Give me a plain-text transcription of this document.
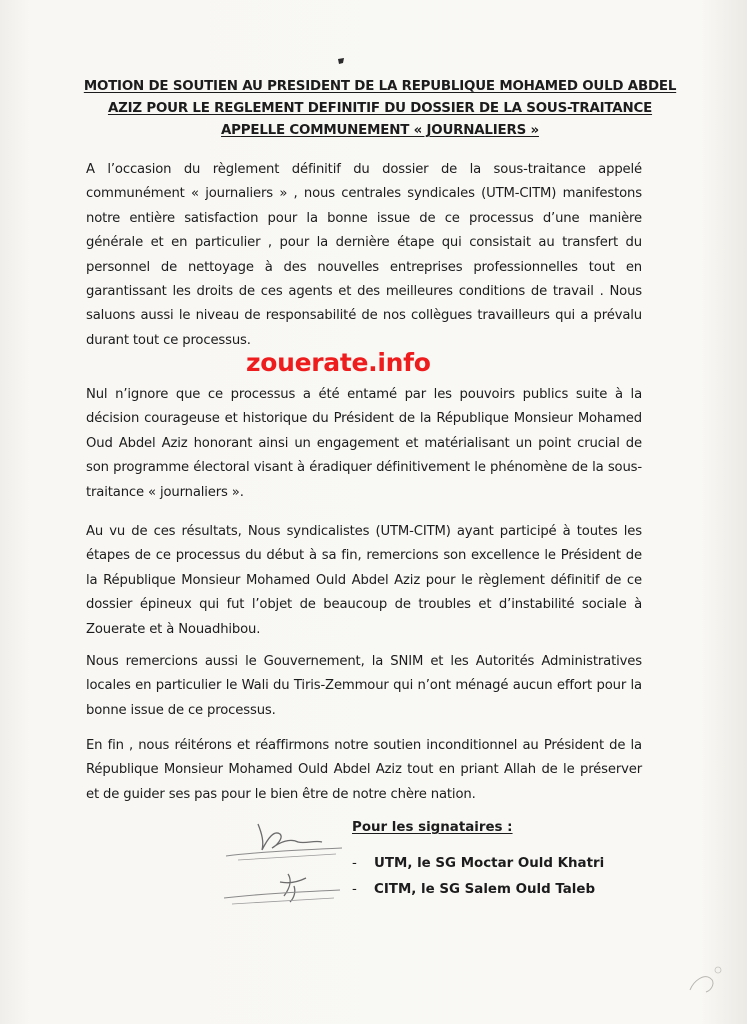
MOTION DE SOUTIEN AU PRESIDENT DE LA REPUBLIQUE MOHAMED OULD ABDEL AZIZ POUR LE REGLEMENT DEFINITIF DU DOSSIER DE LA SOUS-TRAITANCE APPELLE COMMUNEMENT « JOURNALIERS »
A l’occasion du règlement définitif du dossier de la sous-traitance appelé communément « journaliers » , nous centrales syndicales (UTM-CITM) manifestons notre entière satisfaction pour la bonne issue de ce processus d’une manière générale et en particulier , pour la dernière étape qui consistait au transfert du personnel de nettoyage à des nouvelles entreprises professionnelles tout en garantissant les droits de ces agents et des meilleures conditions de travail . Nous saluons aussi le niveau de responsabilité de nos collègues travailleurs qui a prévalu durant tout ce processus.
Nul n’ignore que ce processus a été entamé par les pouvoirs publics suite à la décision courageuse et historique du Président de la République Monsieur Mohamed Oud Abdel Aziz honorant ainsi un engagement et matérialisant un point crucial de son programme électoral visant à éradiquer définitivement le phénomène de la sous-traitance « journaliers ».
Au vu de ces résultats, Nous syndicalistes (UTM-CITM) ayant participé à toutes les étapes de ce processus du début à sa fin, remercions son excellence le Président de la République Monsieur Mohamed Ould Abdel Aziz pour le règlement définitif de ce dossier épineux qui fut l’objet de beaucoup de troubles et d’instabilité sociale à Zouerate et à Nouadhibou.
Nous remercions aussi le Gouvernement, la SNIM et les Autorités Administratives locales en particulier le Wali du Tiris-Zemmour qui n’ont ménagé aucun effort pour la bonne issue de ce processus.
En fin , nous réitérons et réaffirmons notre soutien inconditionnel au Président de la République Monsieur Mohamed Ould Abdel Aziz tout en priant Allah de le préserver et de guider ses pas pour le bien être de notre chère nation.
zouerate.info
Pour les signataires :
- UTM, le SG Moctar Ould Khatri
- CITM, le SG Salem Ould Taleb
